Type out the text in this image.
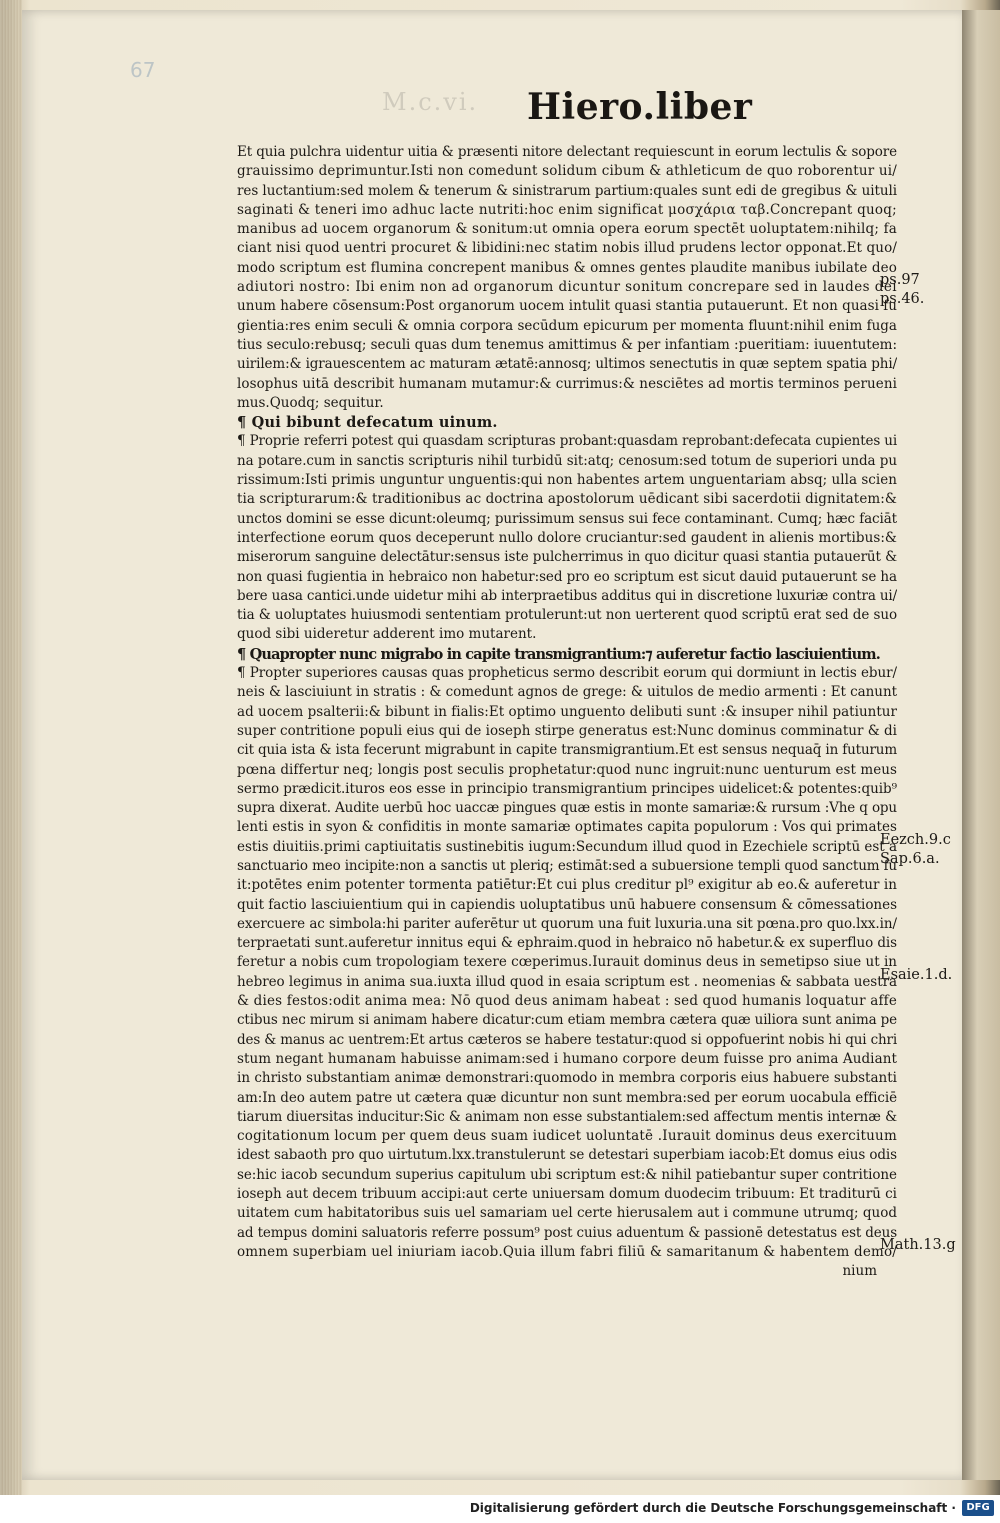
67
M.c.vi. Hiero.liber
Et quia pulchra uidentur uitia & præsenti nitore delectant requiescunt in eorum lectulis & sopore
grauissimo deprimuntur.Isti non comedunt solidum cibum & athleticum de quo roborentur ui/
res luctantium:sed molem & tenerum & sinistrarum partium:quales sunt edi de gregibus & uituli
saginati & teneri imo adhuc lacte nutriti:hoc enim significat μοσχάρια ταβ.Concrepant quoq;
manibus ad uocem organorum & sonitum:ut omnia opera eorum spectēt uoluptatem:nihilq; fa
ciant nisi quod uentri procuret & libidini:nec statim nobis illud prudens lector opponat.Et quo/
modo scriptum est flumina concrepent manibus & omnes gentes plaudite manibus iubilate deo
adiutori nostro: Ibi enim non ad organorum dicuntur sonitum concrepare sed in laudes dei
unum habere cōsensum:Post organorum uocem intulit quasi stantia putauerunt. Et non quasi fu
gientia:res enim seculi & omnia corpora secūdum epicurum per momenta fluunt:nihil enim fuga
tius seculo:rebusq; seculi quas dum tenemus amittimus & per infantiam :pueritiam: iuuentutem:
uirilem:& igrauescentem ac maturam ætatē:annosq; ultimos senectutis in quæ septem spatia phi/
losophus uitā describit humanam mutamur:& currimus:& nesciētes ad mortis terminos perueni
mus.Quodq; sequitur.
¶ Qui bibunt defecatum uinum.
¶ Proprie referri potest qui quasdam scripturas probant:quasdam reprobant:defecata cupientes ui
na potare.cum in sanctis scripturis nihil turbidū sit:atq; cenosum:sed totum de superiori unda pu
rissimum:Isti primis unguntur unguentis:qui non habentes artem unguentariam absq; ulla scien
tia scripturarum:& traditionibus ac doctrina apostolorum uēdicant sibi sacerdotii dignitatem:&
unctos domini se esse dicunt:oleumq; purissimum sensus sui fece contaminant. Cumq; hæc faciāt
interfectione eorum quos deceperunt nullo dolore cruciantur:sed gaudent in alienis mortibus:&
miserorum sanguine delectātur:sensus iste pulcherrimus in quo dicitur quasi stantia putauerūt &
non quasi fugientia in hebraico non habetur:sed pro eo scriptum est sicut dauid putauerunt se ha
bere uasa cantici.unde uidetur mihi ab interpraetibus additus qui in discretione luxuriæ contra ui/
tia & uoluptates huiusmodi sententiam protulerunt:ut non uerterent quod scriptū erat sed de suo
quod sibi uideretur adderent imo mutarent.
¶ Quapropter nunc migrabo in capite transmigrantium:⁊ auferetur factio lasciuientium.
¶ Propter superiores causas quas propheticus sermo describit eorum qui dormiunt in lectis ebur/
neis & lasciuiunt in stratis : & comedunt agnos de grege: & uitulos de medio armenti : Et canunt
ad uocem psalterii:& bibunt in fialis:Et optimo unguento delibuti sunt :& insuper nihil patiuntur
super contritione populi eius qui de ioseph stirpe generatus est:Nunc dominus comminatur & di
cit quia ista & ista fecerunt migrabunt in capite transmigrantium.Et est sensus nequaq̄ in futurum
pœna differtur neq; longis post seculis prophetatur:quod nunc ingruit:nunc uenturum est meus
sermo prædicit.ituros eos esse in principio transmigrantium principes uidelicet:& potentes:quib⁹
supra dixerat. Audite uerbū hoc uaccæ pingues quæ estis in monte samariæ:& rursum :Vhe q opu
lenti estis in syon & confiditis in monte samariæ optimates capita populorum : Vos qui primates
estis diuitiis.primi captiuitatis sustinebitis iugum:Secundum illud quod in Ezechiele scriptū est a
sanctuario meo incipite:non a sanctis ut pleriq; estimāt:sed a subuersione templi quod sanctum fu
it:potētes enim potenter tormenta patiētur:Et cui plus creditur pl⁹ exigitur ab eo.& auferetur in
quit factio lasciuientium qui in capiendis uoluptatibus unū habuere consensum & cōmessationes
exercuere ac simbola:hi pariter auferētur ut quorum una fuit luxuria.una sit pœna.pro quo.lxx.in/
terpraetati sunt.auferetur innitus equi & ephraim.quod in hebraico nō habetur.& ex superfluo dis
feretur a nobis cum tropologiam texere cœperimus.Iurauit dominus deus in semetipso siue ut in
hebreo legimus in anima sua.iuxta illud quod in esaia scriptum est . neomenias & sabbata uestra
& dies festos:odit anima mea: Nō quod deus animam habeat : sed quod humanis loquatur affe
ctibus nec mirum si animam habere dicatur:cum etiam membra cætera quæ uiliora sunt anima pe
des & manus ac uentrem:Et artus cæteros se habere testatur:quod si oppofuerint nobis hi qui chri
stum negant humanam habuisse animam:sed i humano corpore deum fuisse pro anima Audiant
in christo substantiam animæ demonstrari:quomodo in membra corporis eius habuere substanti
am:In deo autem patre ut cætera quæ dicuntur non sunt membra:sed per eorum uocabula efficiē
tiarum diuersitas inducitur:Sic & animam non esse substantialem:sed affectum mentis internæ &
cogitationum locum per quem deus suam iudicet uoluntatē .Iurauit dominus deus exercituum
idest sabaoth pro quo uirtutum.lxx.transtulerunt se detestari superbiam iacob:Et domus eius odis
se:hic iacob secundum superius capitulum ubi scriptum est:& nihil patiebantur super contritione
ioseph aut decem tribuum accipi:aut certe uniuersam domum duodecim tribuum: Et traditurū ci
uitatem cum habitatoribus suis uel samariam uel certe hierusalem aut i commune utrumq; quod
ad tempus domini saluatoris referre possum⁹ post cuius aduentum & passionē detestatus est deus
omnem superbiam uel iniuriam iacob.Quia illum fabri filiū & samaritanum & habentem demo/
nium
ps.97
ps.46.
Eezch.9.c
Sap.6.a.
Esaie.1.d.
Math.13.g
Digitalisierung gefördert durch die Deutsche Forschungsgemeinschaft ·	DFG
